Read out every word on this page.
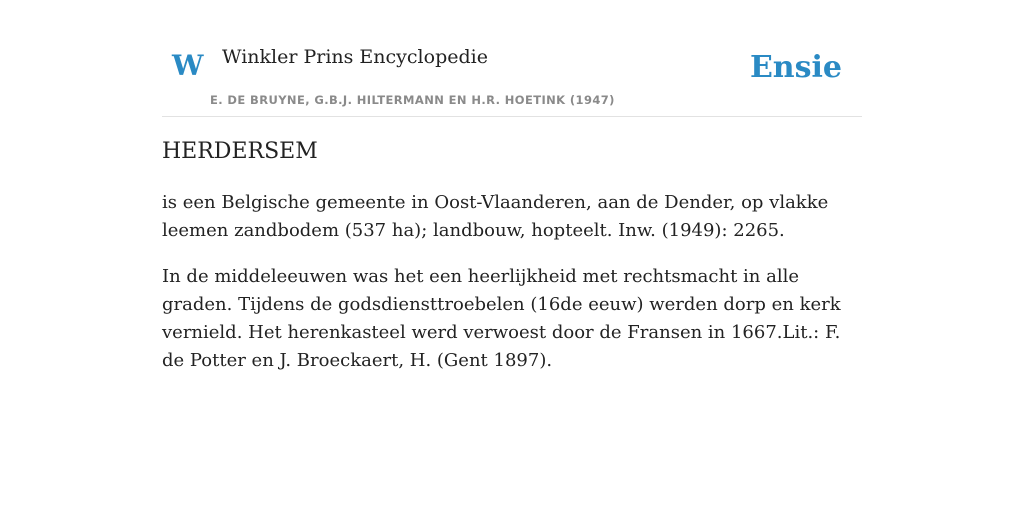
W Winkler Prins Encyclopedie
E. DE BRUYNE, G.B.J. HILTERMANN EN H.R. HOETINK (1947)
Ensie
HERDERSEM

is een Belgische gemeente in Oost-Vlaanderen, aan de Dender, op vlakke leemen zandbodem (537 ha); landbouw, hopteelt. Inw. (1949): 2265.

In de middeleeuwen was het een heerlijkheid met rechtsmacht in alle graden. Tijdens de godsdiensttroebelen (16de eeuw) werden dorp en kerk vernield. Het herenkasteel werd verwoest door de Fransen in 1667.Lit.: F. de Potter en J. Broeckaert, H. (Gent 1897).
